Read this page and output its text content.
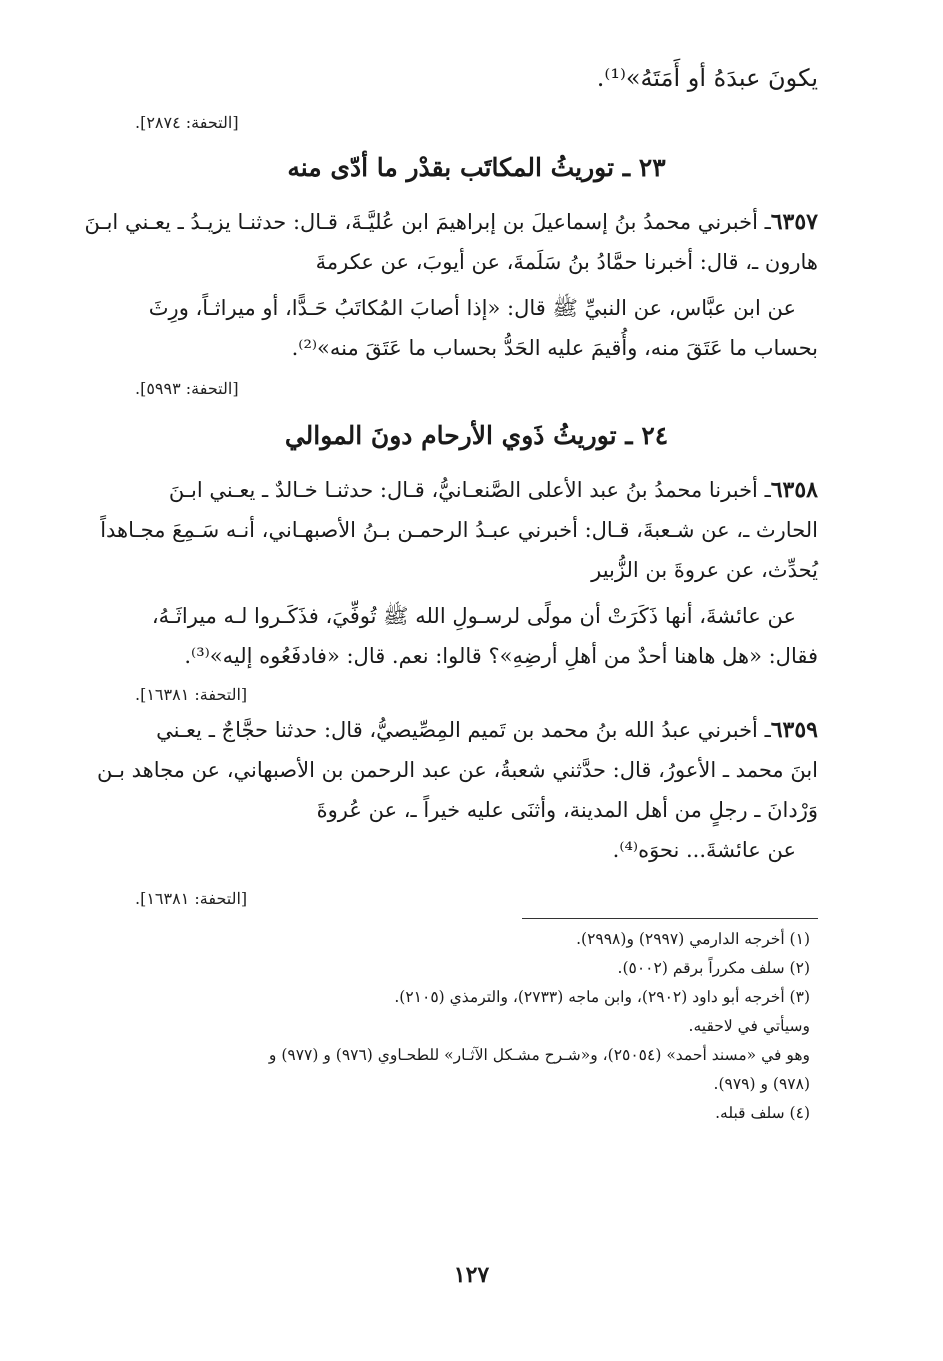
يكونَ عبدَهُ أو أَمَتَهُ»⁽¹⁾.
[التحفة: ٢٨٧٤].
٢٣ ـ توريثُ المكاتَب بقدْر ما أدّى منه
٦٣٥٧ـ أخبرني محمدُ بنُ إسماعيلَ بن إبراهيمَ ابن عُليَّـةَ، قـال: حدثنـا يزيـدُ ـ يعـني ابـنَ
هارون ـ، قال: أخبرنا حمَّادُ بنُ سَلَمةَ، عن أيوبَ، عن عكرمةَ
عن ابن عبَّاس، عن النبيِّ ﷺ قال: «إذا أصابَ المُكاتَبُ حَـدًّا، أو ميراثـاً، ورِثَ
بحساب ما عَتَقَ منه، وأُقيمَ عليه الحَدُّ بحساب ما عَتَقَ منه»⁽²⁾.
[التحفة: ٥٩٩٣].
٢٤ ـ توريثُ ذَوي الأرحام دونَ الموالي
٦٣٥٨ـ أخبرنا محمدُ بنُ عبد الأعلى الصَّنعـانيُّ، قـال: حدثنـا خـالدٌ ـ يعـني ابـنَ
الحارث ـ، عن شـعبةَ، قـال: أخبرني عبـدُ الرحمـن بـنُ الأصبهـاني، أنـه سَـمِعَ مجـاهداً
يُحدِّث، عن عروةَ بن الزُّبير
عن عائشةَ، أنها ذَكَرَتْ أن مولًى لرسـولِ الله ﷺ تُوفِّيَ، فذَكَـروا لـه ميراثَـهُ،
فقال: «هل هاهنا أحدٌ من أهلِ أرضِهِ»؟ قالوا: نعم. قال: «فادفَعُوه إليه»⁽³⁾.
[التحفة: ١٦٣٨١].
٦٣٥٩ـ أخبرني عبدُ الله بنُ محمد بن تَميم المِصِّيصيُّ، قال: حدثنا حجَّاجٌ ـ يعـني
ابنَ محمد ـ الأعورُ، قال: حدَّثني شعبةُ، عن عبد الرحمن بن الأصبهاني، عن مجاهد بـن
وَرْدانَ ـ رجلٍ من أهل المدينة، وأثنَى عليه خيراً ـ، عن عُروةَ
عن عائشةَ... نحوَه⁽⁴⁾.
[التحفة: ١٦٣٨١].
(١) أخرجه الدارمي (٢٩٩٧) و(٢٩٩٨).
(٢) سلف مكرراً برقم (٥٠٠٢).
(٣) أخرجه أبو داود (٢٩٠٢)، وابن ماجه (٢٧٣٣)، والترمذي (٢١٠٥).
وسيأتي في لاحقيه.
وهو في «مسند أحمد» (٢٥٠٥٤)، و«شـرح مشـكل الآثـار» للطحـاوي (٩٧٦) و (٩٧٧) و
(٩٧٨) و (٩٧٩).
(٤) سلف قبله.
١٢٧
